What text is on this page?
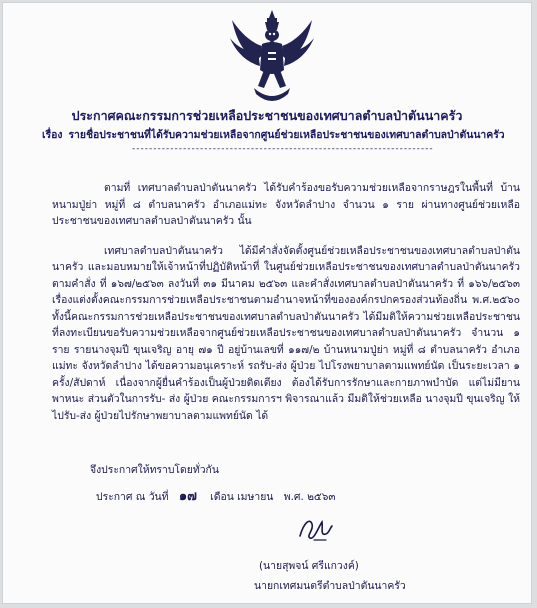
ประกาศคณะกรรมการช่วยเหลือประชาชนของเทศบาลตำบลป่าตันนาครัว
เรื่อง รายชื่อประชาชนที่ได้รับความช่วยเหลือจากศูนย์ช่วยเหลือประชาชนของเทศบาลตำบลป่าตันนาครัว
-----------------------------------------------------------------------

ตามที่ เทศบาลตำบลป่าตันนาครัว ได้รับคำร้องขอรับความช่วยเหลือจากราษฎรในพื้นที่ บ้านหนามปู่ย่า หมู่ที่ ๘ ตำบลนาครัว อำเภอแม่ทะ จังหวัดลำปาง จำนวน ๑ ราย ผ่านทางศูนย์ช่วยเหลือประชาชนของเทศบาลตำบลป่าตันนาครัว นั้น

เทศบาลตำบลป่าตันนาครัว ได้มีคำสั่งจัดตั้งศูนย์ช่วยเหลือประชาชนของเทศบาลตำบลป่าตันนาครัว และมอบหมายให้เจ้าหน้าที่ปฏิบัติหน้าที่ ในศูนย์ช่วยเหลือประชาชนของเทศบาลตำบลป่าตันนาครัว ตามคำสั่ง ที่ ๑๖๗/๒๕๖๓ ลงวันที่ ๓๑ มีนาคม ๒๕๖๓ และคำสั่งเทศบาลตำบลป่าตันนาครัว ที่ ๑๖๖/๒๕๖๓ เรื่องแต่งตั้งคณะกรรมการช่วยเหลือประชาชนตามอำนาจหน้าที่ขององค์กรปกครองส่วนท้องถิ่น พ.ศ.๒๕๖๐ ทั้งนี้คณะกรรมการช่วยเหลือประชาชนของเทศบาลตำบลป่าตันนาครัว ได้มีมติให้ความช่วยเหลือประชาชนที่ลงทะเบียนขอรับความช่วยเหลือจากศูนย์ช่วยเหลือประชาชนของเทศบาลตำบลป่าตันนาครัว จำนวน ๑ ราย รายนางจุมปี ขุนเจริญ อายุ ๗๑ ปี อยู่บ้านเลขที่ ๑๑๗/๒ บ้านหนามปู่ย่า หมู่ที่ ๘ ตำบลนาครัว อำเภอแม่ทะ จังหวัดลำปาง ได้ขอความอนุเคราะห์ รถรับ-ส่ง ผู้ป่วย ไปโรงพยาบาลตามแพทย์นัด เป็นระยะเวลา ๑ ครั้ง/สัปดาห์ เนื่องจากผู้ยื่นคำร้องเป็นผู้ป่วยติดเตียง ต้องได้รับการรักษาและกายภาพบำบัด แต่ไม่มียานพาหนะ ส่วนตัวในการรับ- ส่ง ผู้ป่วย คณะกรรมการฯ พิจารณาแล้ว มีมติให้ช่วยเหลือ นางจุมปี ขุนเจริญ ให้ไปรับ-ส่ง ผู้ป่วยไปรักษาพยาบาลตามแพทย์นัด ได้

จึงประกาศให้ทราบโดยทั่วกัน
ประกาศ ณ วันที่ ๑๗ เดือน เมษายน พ.ศ. ๒๕๖๓
(นายสุพจน์ ศรีแกวงค์)
นายกเทศมนตรีตำบลป่าตันนาครัว
